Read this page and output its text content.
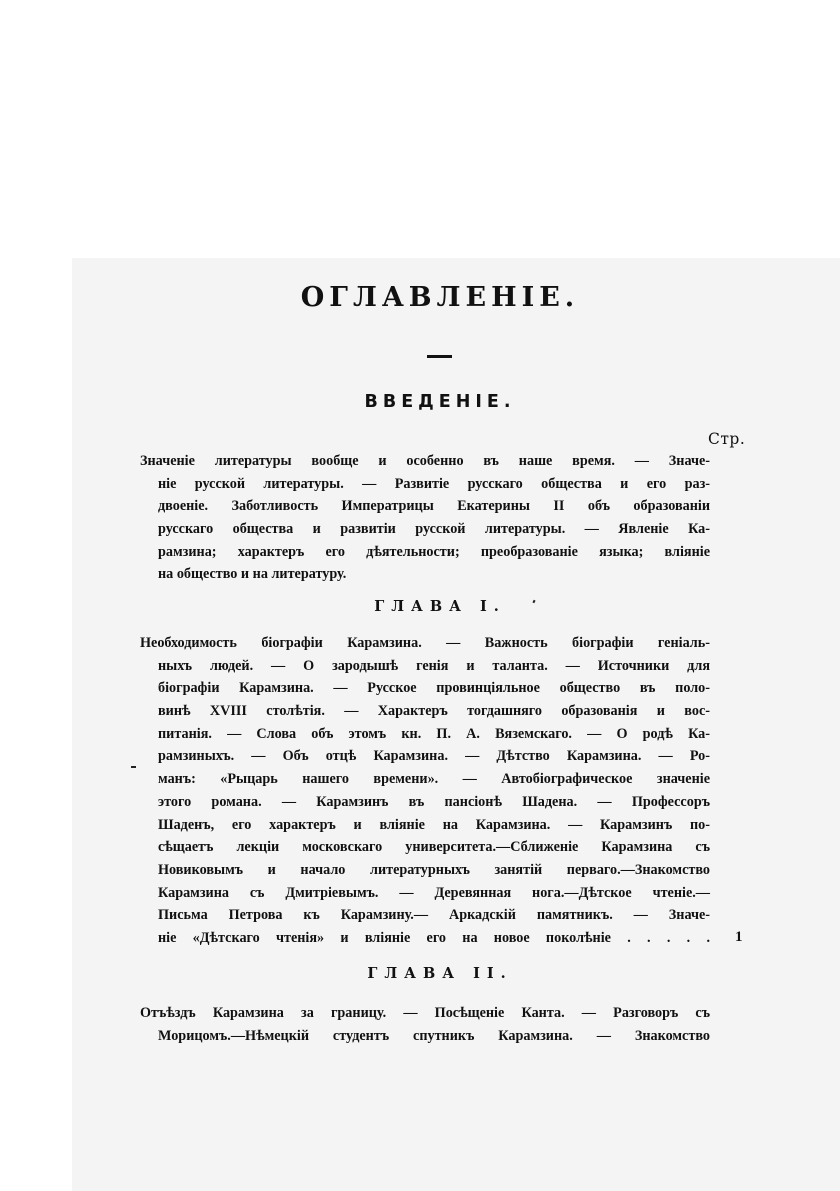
ОГЛАВЛЕНІЕ.
ВВЕДЕНІЕ.
Стр.
Значеніе литературы вообще и особенно въ наше время. — Значе-
ніе русской литературы. — Развитіе русскаго общества и его раз-
двоеніе. Заботливость Императрицы Екатерины II объ образованіи
русскаго общества и развитіи русской литературы. — Явленіе Ка-
рамзина; характеръ его дѣятельности; преобразованіе языка; вліяніе
на общество и на литературу.
ГЛАВА I.
Необходимость біографіи Карамзина. — Важность біографіи геніаль-
ныхъ людей. — О зародышѣ генія и таланта. — Источники для
біографіи Карамзина. — Русское провинціяльное общество въ поло-
винѣ XVIII столѣтія. — Характеръ тогдашняго образованія и вос-
питанія. — Слова объ этомъ кн. П. А. Вяземскаго. — О родѣ Ка-
рамзиныхъ. — Объ отцѣ Карамзина. — Дѣтство Карамзина. — Ро-
манъ: «Рыцарь нашего времени». — Автобіографическое значеніе
этого романа. — Карамзинъ въ пансіонѣ Шадена. — Профессоръ
Шаденъ, его характеръ и вліяніе на Карамзина. — Карамзинъ по-
сѣщаетъ лекціи московскаго университета.—Сближеніе Карамзина съ
Новиковымъ и начало литературныхъ занятій перваго.—Знакомство
Карамзина съ Дмитріевымъ. — Деревянная нога.—Дѣтское чтеніе.—
Письма Петрова къ Карамзину.— Аркадскій памятникъ. — Значе-
ніе «Дѣтскаго чтенія» и вліяніе его на новое поколѣніе . . . . . 1
ГЛАВА II.
Отъѣздъ Карамзина за границу. — Посѣщеніе Канта. — Разговоръ съ
Морицомъ.—Нѣмецкій студентъ спутникъ Карамзина. — Знакомство
